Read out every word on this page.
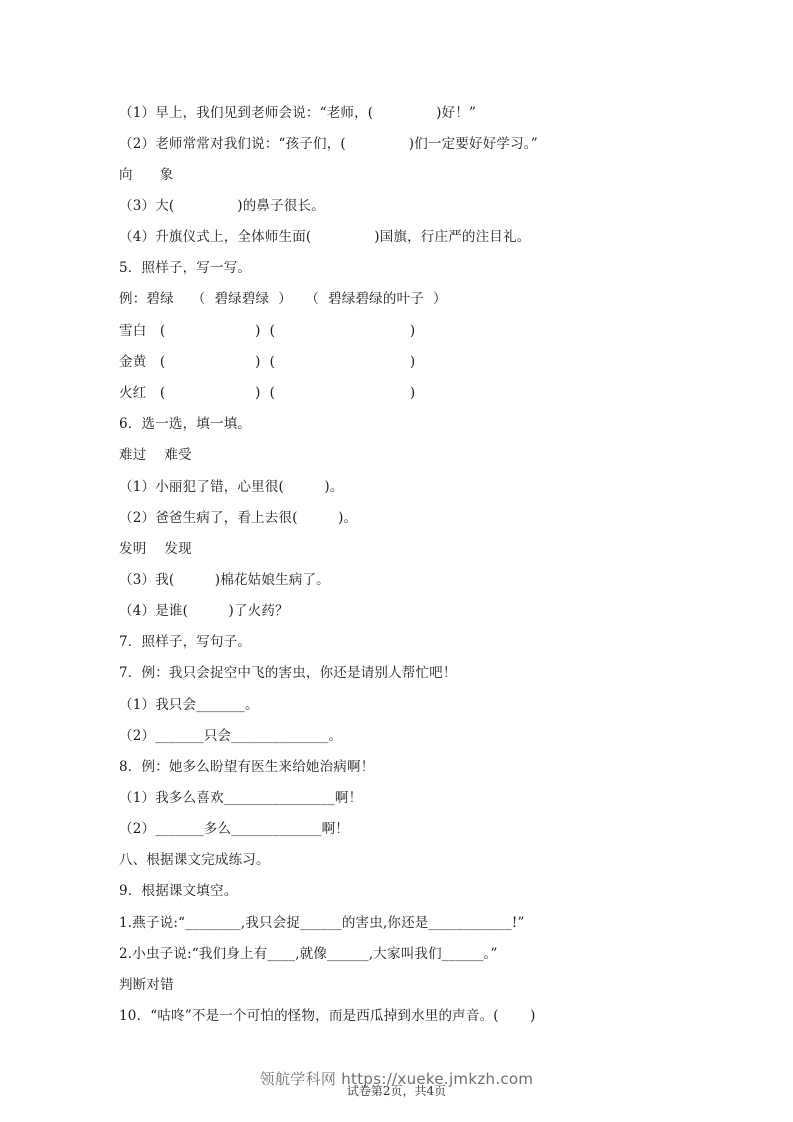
（1）早上，我们见到老师会说：“老师，(              )好！”
（2）老师常常对我们说：“孩子们，(              )们一定要好好学习。”
向      象
（3）大(              )的鼻子很长。
（4）升旗仪式上，全体师生面(              )国旗，行庄严的注目礼。
5．照样子，写一写。
例：碧绿    （  碧绿碧绿  ）   （  碧绿碧绿的叶子  ）
雪白   (                    )  (                              )
金黄   (                    )  (                              )
火红   (                    )  (                              )
6．选一选，填一填。
难过    难受
（1）小丽犯了错，心里很(         )。
（2）爸爸生病了，看上去很(         )。
发明    发现
（3）我(         )棉花姑娘生病了。
（4）是谁(         )了火药？
7．照样子，写句子。
7．例：我只会捉空中飞的害虫，你还是请别人帮忙吧！
（1）我只会_______。
（2）_______只会______________。
8．例：她多么盼望有医生来给她治病啊！
（1）我多么喜欢________________啊！
（2）_______多么_____________啊！
八、根据课文完成练习。
9．根据课文填空。
1.燕子说:“________,我只会捉______的害虫,你还是____________!”
2.小虫子说:“我们身上有____,就像______,大家叫我们______。”
判断对错
10．“咕咚”不是一个可怕的怪物，而是西瓜掉到水里的声音。(       )
领航学科网 https://xueke.jmkzh.com
试卷第2页，共4页
